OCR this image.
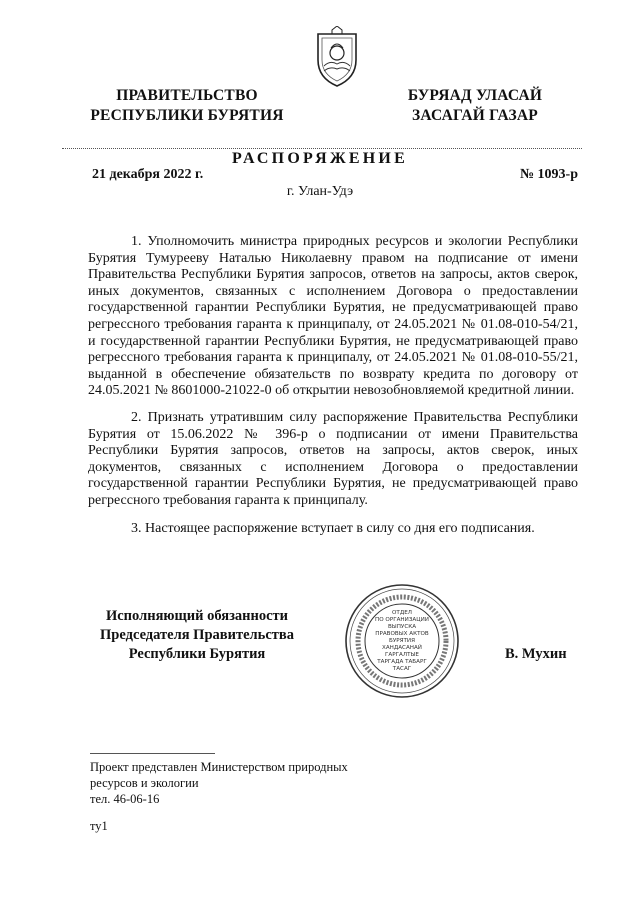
ПРАВИТЕЛЬСТВО
РЕСПУБЛИКИ БУРЯТИЯ
БУРЯАД УЛАСАЙ
ЗАСАГАЙ ГАЗАР
РАСПОРЯЖЕНИЕ
21 декабря 2022 г.	№ 1093-р
г. Улан-Удэ
1. Уполномочить министра природных ресурсов и экологии Республики Бурятия Тумурееву Наталью Николаевну правом на подписание от имени Правительства Республики Бурятия запросов, ответов на запросы, актов сверок, иных документов, связанных с исполнением Договора о предоставлении государственной гарантии Республики Бурятия, не предусматривающей право регрессного требования гаранта к принципалу, от 24.05.2021 № 01.08-010-54/21, и государственной гарантии Республики Бурятия, не предусматривающей право регрессного требования гаранта к принципалу, от 24.05.2021 № 01.08-010-55/21, выданной в обеспечение обязательств по возврату кредита по договору от 24.05.2021 № 8601000-21022-0 об открытии невозобновляемой кредитной линии.
2. Признать утратившим силу распоряжение Правительства Республики Бурятия от 15.06.2022 № 396-р о подписании от имени Правительства Республики Бурятия запросов, ответов на запросы, актов сверок, иных документов, связанных с исполнением Договора о предоставлении государственной гарантии Республики Бурятия, не предусматривающей право регрессного требования гаранта к принципалу.
3. Настоящее распоряжение вступает в силу со дня его подписания.
Исполняющий обязанности
Председателя Правительства
Республики Бурятия	В. Мухин
ОТДЕЛ
ПО ОРГАНИЗАЦИИ
ВЫПУСКА
ПРАВОВЫХ АКТОВ
БУРЯТИЯ
ХАНДАСАНАЙ ГАРГАЛТЫЕ
ТАРГАДА ТАБАРГ
ТАСАГ
Проект представлен Министерством природных
ресурсов и экологии
тел. 46-06-16
ту1
